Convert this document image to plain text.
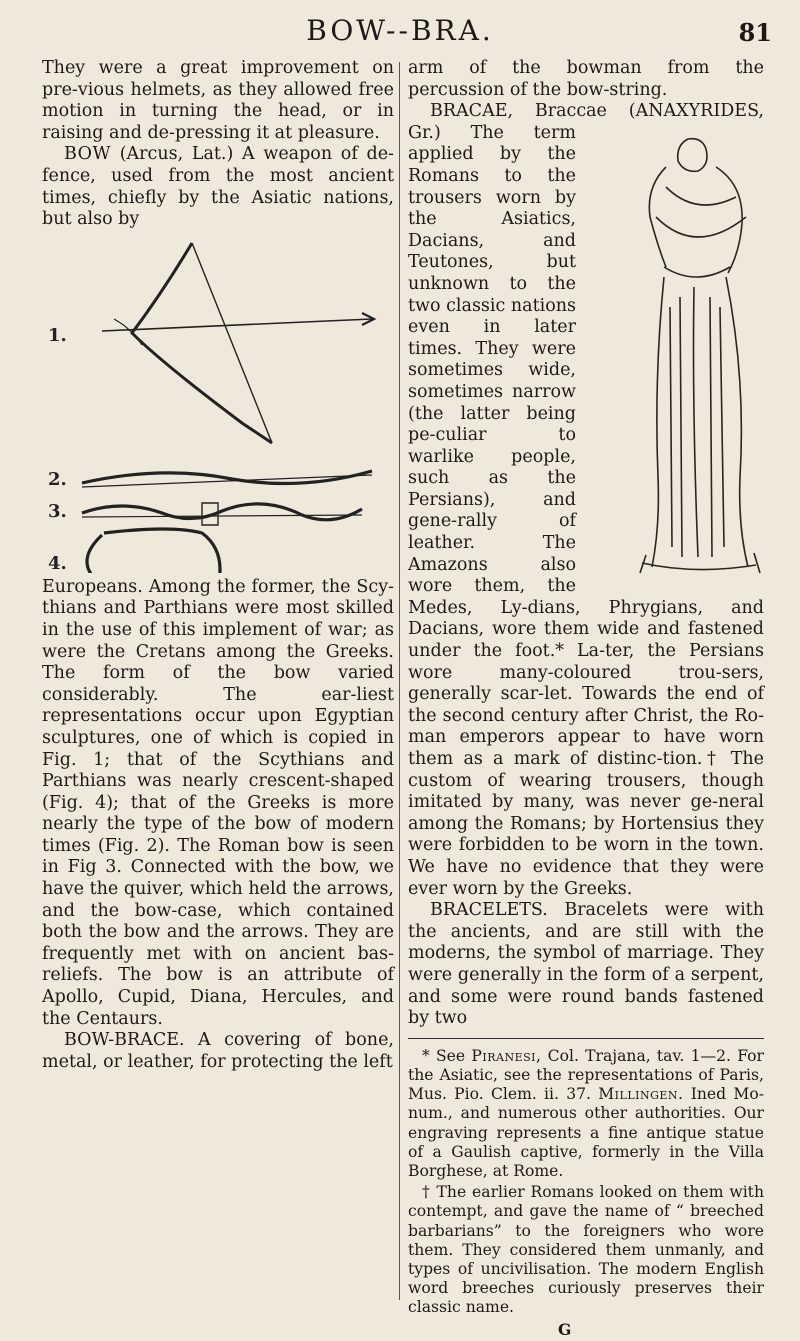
BOW--BRA.	81

They were a great improvement on pre-vious helmets, as they allowed free motion in turning the head, or in raising and de-pressing it at pleasure.

BOW (Arcus, Lat.) A weapon of de-fence, used from the most ancient times, chiefly by the Asiatic nations, but also by

1.
2.
3.
4.

Europeans. Among the former, the Scy-thians and Parthians were most skilled in the use of this implement of war; as were the Cretans among the Greeks. The form of the bow varied considerably. The ear-liest representations occur upon Egyptian sculptures, one of which is copied in Fig. 1; that of the Scythians and Parthians was nearly crescent-shaped (Fig. 4); that of the Greeks is more nearly the type of the bow of modern times (Fig. 2). The Roman bow is seen in Fig 3. Connected with the bow, we have the quiver, which held the arrows, and the bow-case, which contained both the bow and the arrows. They are frequently met with on ancient bas-reliefs. The bow is an attribute of Apollo, Cupid, Diana, Hercules, and the Centaurs.

BOW-BRACE. A covering of bone, metal, or leather, for protecting the left

arm of the bowman from the percussion of the bow-string.

BRACAE, Braccae (ANAXYRIDES, Gr.) The term applied by the Romans to the trousers worn by the Asiatics, Dacians, and Teutones, but unknown to the two classic nations even in later times. They were sometimes wide, sometimes narrow (the latter being pe-culiar to warlike people, such as the Persians), and gene-rally of leather. The Amazons also wore them, the Medes, Ly-dians, Phrygians, and Dacians, wore them wide and fastened under the foot.* La-ter, the Persians wore many-coloured trou-sers, generally scar-let. Towards the end of the second century after Christ, the Ro-man emperors appear to have worn them as a mark of distinc-tion.† The custom of wearing trousers, though imitated by many, was never ge-neral among the Romans; by Hortensius they were forbidden to be worn in the town. We have no evidence that they were ever worn by the Greeks.

BRACELETS. Bracelets were with the ancients, and are still with the moderns, the symbol of marriage. They were generally in the form of a serpent, and some were round bands fastened by two

* See Piranesi, Col. Trajana, tav. 1—2. For the Asiatic, see the representations of Paris, Mus. Pio. Clem. ii. 37. Millingen. Ined Mo-num., and numerous other authorities. Our engraving represents a fine antique statue of a Gaulish captive, formerly in the Villa Borghese, at Rome.

† The earlier Romans looked on them with contempt, and gave the name of “ breeched barbarians” to the foreigners who wore them. They considered them unmanly, and types of uncivilisation. The modern English word breeches curiously preserves their classic name.

G
